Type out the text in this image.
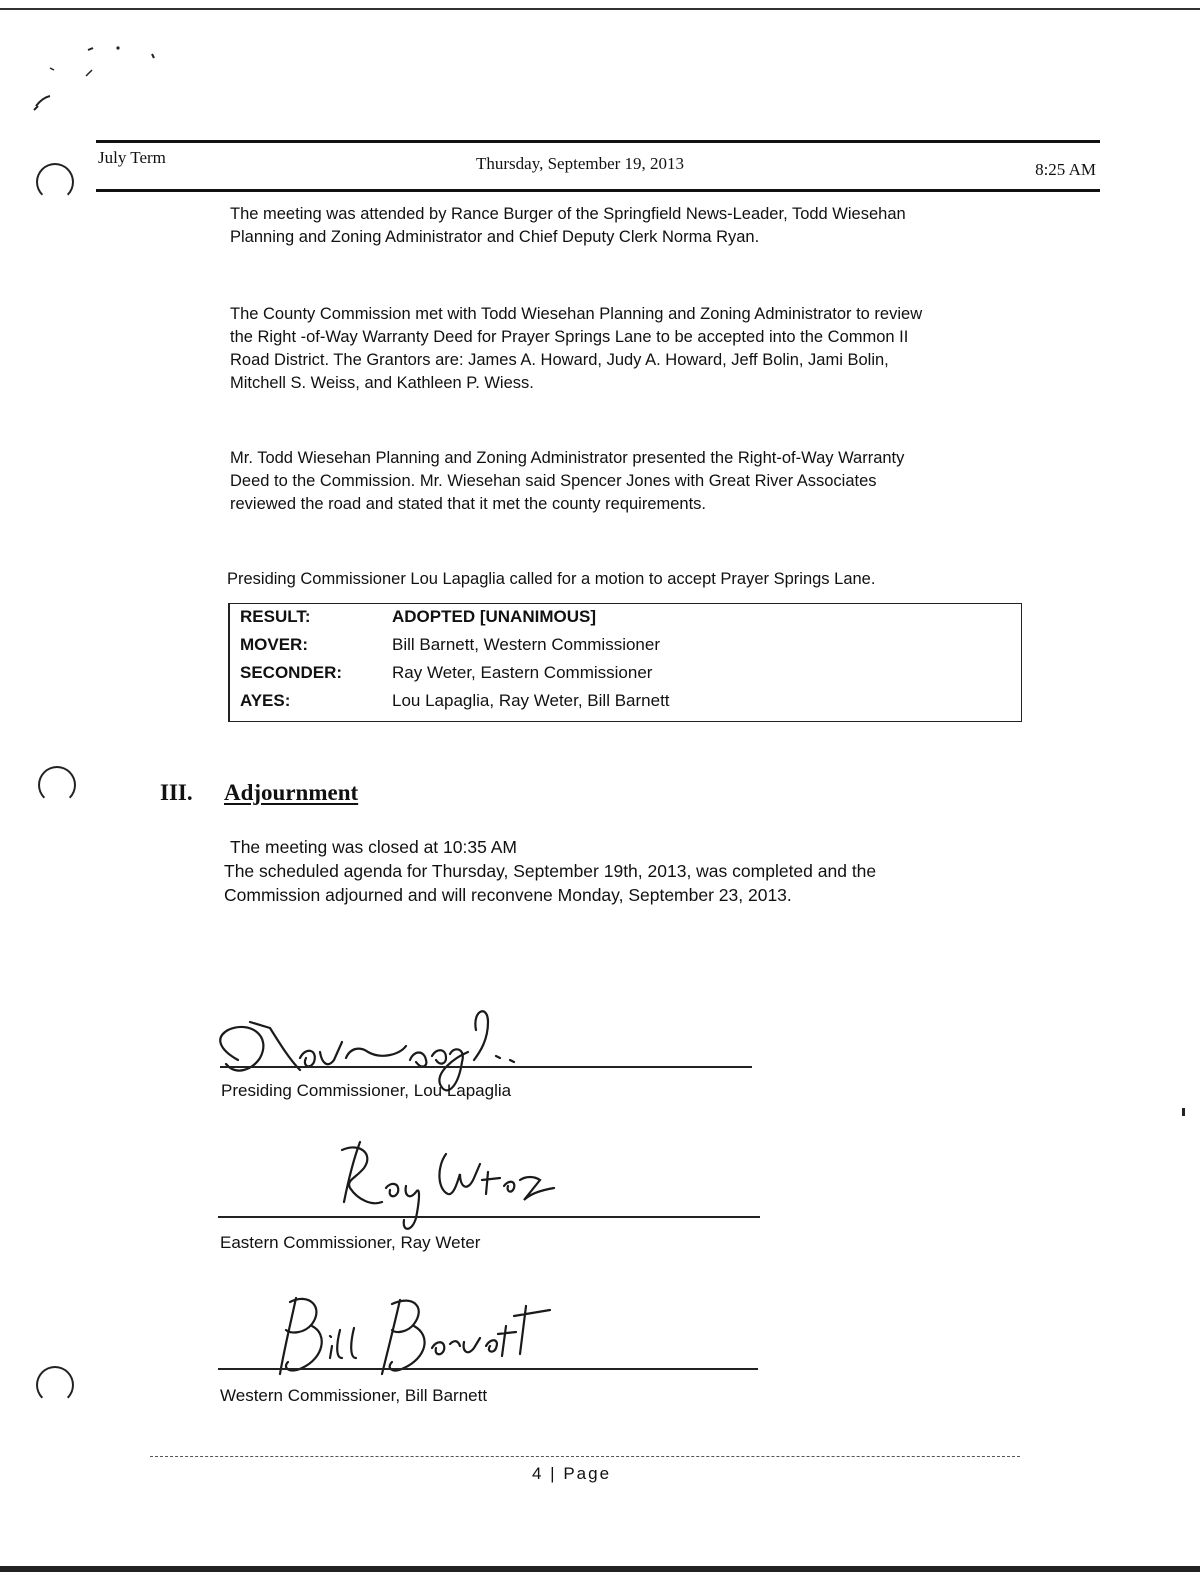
July Term	Thursday, September 19, 2013	8:25 AM
The meeting was attended by Rance Burger of the Springfield News-Leader, Todd Wiesehan
Planning and Zoning Administrator and Chief Deputy Clerk Norma Ryan.
The County Commission met with Todd Wiesehan Planning and Zoning Administrator to review
the Right -of-Way Warranty Deed for Prayer Springs Lane to be accepted into the Common II
Road District. The Grantors are: James A. Howard, Judy A. Howard, Jeff Bolin, Jami Bolin,
Mitchell S. Weiss, and Kathleen P. Wiess.
Mr. Todd Wiesehan Planning and Zoning Administrator presented the Right-of-Way Warranty
Deed to the Commission. Mr. Wiesehan said Spencer Jones with Great River Associates
reviewed the road and stated that it met the county requirements.
Presiding Commissioner Lou Lapaglia called for a motion to accept Prayer Springs Lane.
RESULT:	ADOPTED [UNANIMOUS]
MOVER:	Bill Barnett, Western Commissioner
SECONDER:	Ray Weter, Eastern Commissioner
AYES:	Lou Lapaglia, Ray Weter, Bill Barnett
III. Adjournment
The meeting was closed at 10:35 AM
The scheduled agenda for Thursday, September 19th, 2013, was completed and the
Commission adjourned and will reconvene Monday, September 23, 2013.
Presiding Commissioner, Lou Lapaglia
Eastern Commissioner, Ray Weter
Western Commissioner, Bill Barnett
4 | Page
